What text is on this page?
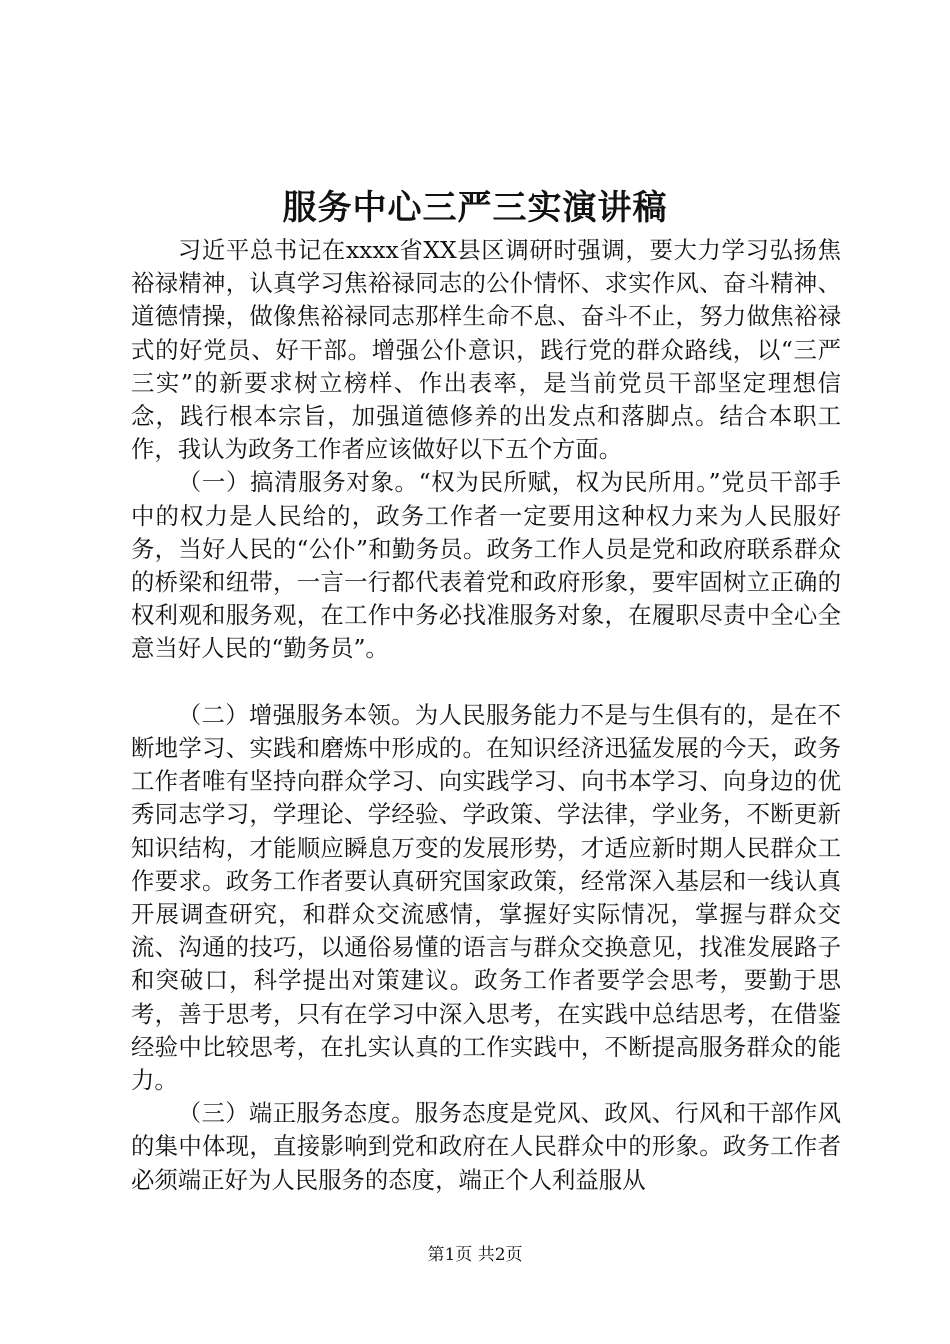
服务中心三严三实演讲稿

习近平总书记在xxxx省XX县区调研时强调，要大力学习弘扬焦裕禄精神，认真学习焦裕禄同志的公仆情怀、求实作风、奋斗精神、道德情操，做像焦裕禄同志那样生命不息、奋斗不止，努力做焦裕禄式的好党员、好干部。增强公仆意识，践行党的群众路线，以“三严三实”的新要求树立榜样、作出表率，是当前党员干部坚定理想信念，践行根本宗旨，加强道德修养的出发点和落脚点。结合本职工作，我认为政务工作者应该做好以下五个方面。

（一）搞清服务对象。“权为民所赋，权为民所用。”党员干部手中的权力是人民给的，政务工作者一定要用这种权力来为人民服好务，当好人民的“公仆”和勤务员。政务工作人员是党和政府联系群众的桥梁和纽带，一言一行都代表着党和政府形象，要牢固树立正确的权利观和服务观，在工作中务必找准服务对象，在履职尽责中全心全意当好人民的“勤务员”。

（二）增强服务本领。为人民服务能力不是与生俱有的，是在不断地学习、实践和磨炼中形成的。在知识经济迅猛发展的今天，政务工作者唯有坚持向群众学习、向实践学习、向书本学习、向身边的优秀同志学习，学理论、学经验、学政策、学法律，学业务，不断更新知识结构，才能顺应瞬息万变的发展形势，才适应新时期人民群众工作要求。政务工作者要认真研究国家政策，经常深入基层和一线认真开展调查研究，和群众交流感情，掌握好实际情况，掌握与群众交流、沟通的技巧，以通俗易懂的语言与群众交换意见，找准发展路子和突破口，科学提出对策建议。政务工作者要学会思考，要勤于思考，善于思考，只有在学习中深入思考，在实践中总结思考，在借鉴经验中比较思考，在扎实认真的工作实践中，不断提高服务群众的能力。

（三）端正服务态度。服务态度是党风、政风、行风和干部作风的集中体现，直接影响到党和政府在人民群众中的形象。政务工作者必须端正好为人民服务的态度，端正个人利益服从

第1页 共2页
